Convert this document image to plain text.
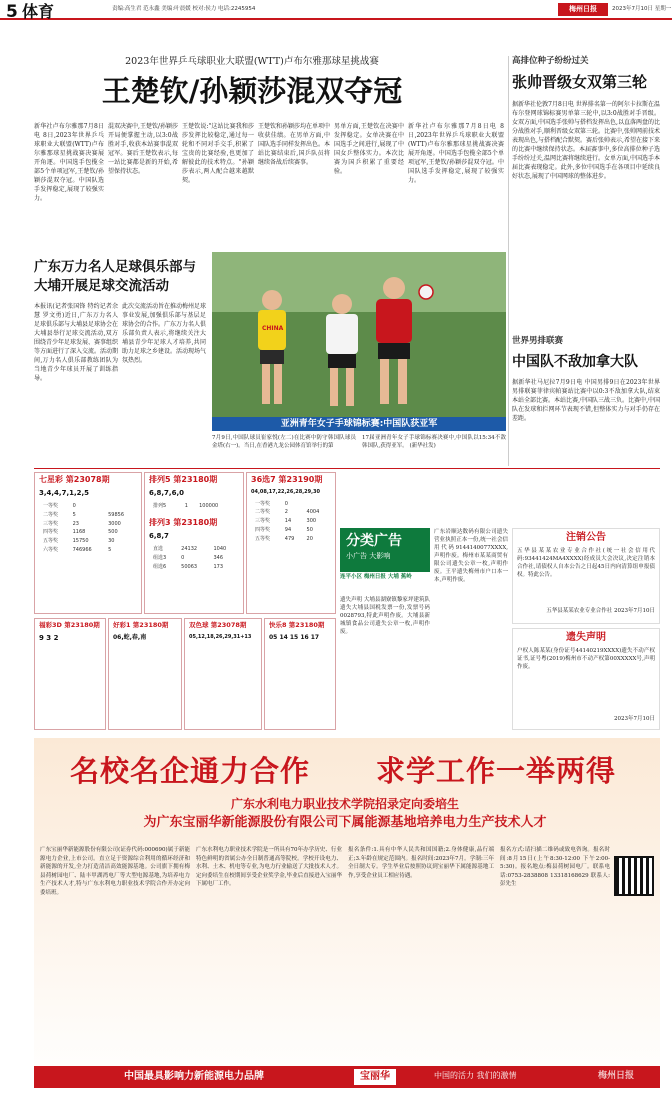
5 体育	责编:高生君 范永鑫 美编:叶晨媛 校对:侯力 电话:2245954	梅州日报	2023年7月10日 星期一
2023年世界乒乓球职业大联盟(WTT)卢布尔雅那球星挑战赛
王楚钦/孙颖莎混双夺冠
新华社卢布尔雅那7月8日电 8日,2023年世界乒乓球职业大联盟(WTT)卢布尔雅那球星挑战赛决赛展开角逐。中国选手包揽全部5个单项冠军,王楚钦/孙颖莎混双夺冠。中国队选手发挥稳定,展现了较强实力。
混双决赛中,王楚钦/孙颖莎开局便掌握主动,以3:0战胜对手,收获本站赛事混双冠军。赛后王楚钦表示,每一站比赛都是新的开始,希望保持状态。
王楚钦说:"这站比赛我和莎莎发挥比较稳定,通过每一轮和不同对手交手,积累了宝贵的比赛经验,也更加了解彼此的技术特点。"孙颖莎表示,两人配合越来越默契。
王楚钦和孙颖莎均在单项中收获佳绩。在男单方面,中国队选手同样发挥出色。本站比赛结束后,国乒队员将继续备战后续赛事。
男单方面,王楚钦在决赛中发挥稳定。女单决赛在中国选手之间进行,展现了中国女乒整体实力。本次比赛为国乒积累了重要经验。
新华社卢布尔雅那7月8日电 8日,2023年世界乒乓球职业大联盟(WTT)卢布尔雅那球星挑战赛决赛展开角逐。中国选手包揽全部5个单项冠军,王楚钦/孙颖莎混双夺冠。中国队选手发挥稳定,展现了较强实力。
广东万力名人足球俱乐部与大埔开展足球交流活动
本报讯(记者张国锋 特约记者余慧 罗文勇)近日,广东万力名人足球俱乐部与大埔县足球协会在大埔县举行足球交流活动,双方围绕青少年足球发展、赛事组织等方面进行了深入交流。活动期间,万力名人俱乐部教练团队为当地青少年球员开展了训练指导。
此次交流活动旨在推动梅州足球事业发展,加强俱乐部与基层足球协会的合作。广东万力名人俱乐部负责人表示,将继续关注大埔县青少年足球人才培养,共同助力足球之乡建设。活动现场气氛热烈。
CHINA
亚洲青年女子手球锦标赛:中国队获亚军
7月9日,中国队球员崔家悦(左二)在比赛中防守韩国队球员金塔(右一)。当日,在香港九龙公园体育馆举行的第
17届亚洲青年女子手球锦标赛决赛中,中国队以15:34不敌韩国队,获得亚军。 (新华社发)
高排位种子纷纷过关
张帅晋级女双第三轮
据新华社伦敦7月8日电 世界排名第一的阿尔卡拉斯在温布尔登网球锦标赛男单第三轮中,以3:0战胜对手晋级。女双方面,中国选手张帅与搭档发挥出色,以直落两盘的比分战胜对手,顺利晋级女双第三轮。比赛中,张帅网前技术表现出色,与搭档配合默契。赛后张帅表示,希望在接下来的比赛中继续保持状态。本届赛事中,多位高排位种子选手纷纷过关,温网比赛将继续进行。女单方面,中国选手本届比赛表现稳定。此外,多位中国选手在各项目中延续良好状态,展现了中国网球的整体进步。
世界男排联赛
中国队不敌加拿大队
据新华社马尼拉7月9日电 中国男排9日在2023年世界男排联赛菲律宾帕赛站比赛中以0:3不敌加拿大队,结束本站全部比赛。本站比赛,中国队三战三负。比赛中,中国队在发球和拦网环节表现不错,但整体实力与对手仍存在差距。
七星彩 第23078期
3,4,4,7,1,2,5
一等奖	0	
二等奖	5	59856
三等奖	23	3000
四等奖	1168	500
五等奖	15750	30
六等奖	746966	5
排列5 第23180期
6,8,7,6,0
排列5	1	100000
排列3 第23180期
6,8,7
直选	24132	1040
组选3	0	346
组选6	50063	173
36选7 第23190期
04,08,17,22,26,28,29,30
一等奖	0	
二等奖	2	4004
三等奖	14	300
四等奖	94	50
五等奖	479	20
福彩3D 第23180期
9 3 2
好彩1 第23180期
06,蛇,春,南
双色球 第23078期
05,12,18,26,29,31+13
快乐8 第23180期
05 14 15 16 17
分类广告
小广告 大影响
连平小区 梅州日报 大埔 蕉岭
遗失声明 大埔县湖寮镇黎家坪建筑队遗失大埔县国税发票一份,发票号码0028793,特此声明作废。大埔县新城镇食品公司遗失公章一枚,声明作废。
广东岩顺达数码有限公司遗失营业执照正本一份,统一社会信用代码9144140077XXXX,声明作废。梅州市某某商贸有限公司遗失公章一枚,声明作废。王平遗失梅州市户口本一本,声明作废。
注销公告
五华县某某农业专业合作社(统一社会信用代码:93441424MA4XXXX)经成员大会决议,决定注销本合作社,请债权人自本公告之日起45日内向清算组申报债权。特此公告。
五华县某某农业专业合作社 2023年7月10日
遗失声明
户权人陈某某(身份证号44140219XXXX)遗失不动产权证书,证号粤(2019)梅州市不动产权第00XXXXX号,声明作废。
2023年7月10日
名校名企通力合作	求学工作一举两得
广东水利电力职业技术学院招录定向委培生
为广东宝丽华新能源股份有限公司下属能源基地培养电力生产技术人才
广东宝丽华新能源股份有限公司(证券代码:000690)属于新能源电力企业,上市公司。直立足于资源综合利用的循环经济和新能源的开发,全力打造清洁高效能源基地。公司旗下拥有梅县荷树园电厂、陆丰甲湖湾电厂等大型电源基地,为培养电力生产技术人才,特与广东水利电力职业技术学院合作开办定向委培班。
广东水利电力职业技术学院是一所具有70年办学历史、行业特色鲜明的省属公办全日制普通高等院校。学校开设电力、水利、土木、机电等专业,为电力行业输送了大批技术人才。定向委培生在校期间享受企业奖学金,毕业后直接进入宝丽华下属电厂工作。
报名条件:1.具有中华人民共和国国籍;2.身体健康,品行端正;3.年龄在规定范围内。报名时间:2023年7月。学制:三年全日制大专。学生毕业后按照协议到宝丽华下属能源基地工作,享受企业员工相应待遇。
报名方式:请扫描二维码或致电咨询。报名时间:8月15日(上午8:30-12:00 下午2:00-5:30)。报名地点:梅县荷树园电厂。联系电话:0753-2838808 13318168629 联系人:彭先生
中国最具影响力新能源电力品牌	宝丽华	中国的活力 我们的激情	梅州日报
